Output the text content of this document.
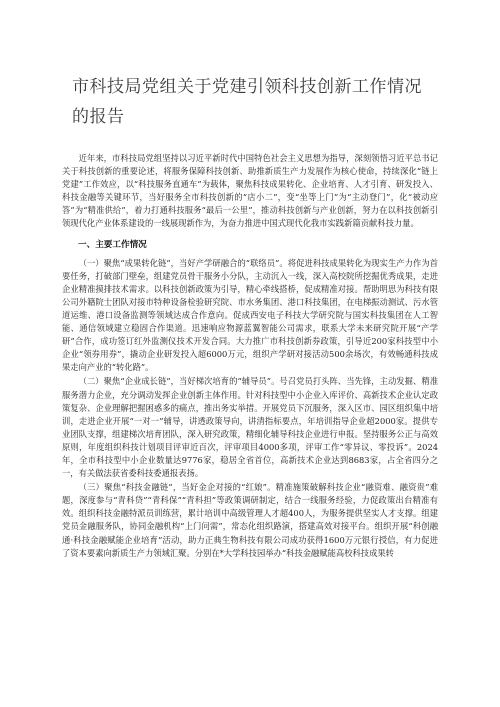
市科技局党组关于党建引领科技创新工作情况的报告

近年来，市科技局党组坚持以习近平新时代中国特色社会主义思想为指导，深刻领悟习近平总书记关于科技创新的重要论述，将服务保障科技创新、助推新质生产力发展作为核心使命，持续深化“链上党建”工作效应，以“科技服务直通车”为载体，聚焦科技成果转化、企业培育、人才引育、研发投入、科技金融等关键环节，当好服务全市科技创新的“店小二”，变“坐等上门”为“主动登门”，化“被动应答”为“精准供给”，着力打通科技服务“最后一公里”，推动科技创新与产业创新，努力在以科技创新引领现代化产业体系建设的一线展现新作为，为奋力推进中国式现代化我市实践新篇贡献科技力量。

一、主要工作情况

（一）聚焦“成果转化链”，当好产学研融合的“联络员”。将促进科技成果转化为现实生产力作为首要任务，打破部门壁垒，组建党员骨干服务小分队，主动沉入一线，深入高校院所挖掘优秀成果，走进企业精准摸排技术需求。以科技创新政策为引导，精心牵线搭桥，促成精准对接。帮助明思为科技有限公司外籍院士团队对接市特种设备检验研究院、市水务集团、港口科技集团，在电梯振动测试、污水管道运维、港口设备监测等领域达成合作意向。促成西安电子科技大学研究院与国实科技集团在人工智能、通信领域建立稳固合作渠道。迅速响应物源蓝翼智能公司需求，联系大学未来研究院开展“产学研”合作，成功签订红外监测仪技术开发合同。大力推广市科技创新券政策，引导近200家科技型中小企业“领券用券”，撬动企业研发投入超6000万元，组织产学研对接活动500余场次，有效畅通科技成果走向产业的“转化路”。

（二）聚焦“企业成长链”，当好梯次培育的“辅导员”。号召党员打头阵、当先锋，主动发掘、精准服务潜力企业，充分调动发挥企业创新主体作用。针对科技型中小企业入库评价、高新技术企业认定政策复杂、企业理解把握困惑多的痛点，推出务实举措。开展党员下沉服务，深入区市、园区组织集中培训，走进企业开展“一对一”辅导，讲透政策导向，讲清指标要点，年培训指导企业超2000家。提供专业团队支撑，组建梯次培育团队，深入研究政策，精细化辅导科技企业进行申报。坚持服务公正与高效原则，年度组织科技计划项目评审近百次，评审项目4000多项，评审工作“零异议、零投诉”。2024年，全市科技型中小企业数量达9776家，稳居全省首位，高新技术企业达到8683家，占全省四分之一，有关做法获省委科技委通报表扬。

（三）聚焦“科技金融链”，当好金企对接的“红娘”。精准施策破解科技企业“融资难、融资贵”难题，深度参与“青科贷”“青科保”“青科担”等政策调研制定，结合一线服务经验，力促政策出台精准有效。组织科技金融特派员训练营，累计培训中高级管理人才超400人，为服务提供坚实人才支撑。组建党员金融服务队，协同金融机构“上门问需”，常态化组织路演，搭建高效对接平台。组织开展“科创融通·科技金融赋能企业培育”活动，助力正典生物科技有限公司成功获得1600万元银行授信，有力促进了资本要素向新质生产力领域汇聚。分别在*大学科技园举办“科技金融赋能高校科技成果转
